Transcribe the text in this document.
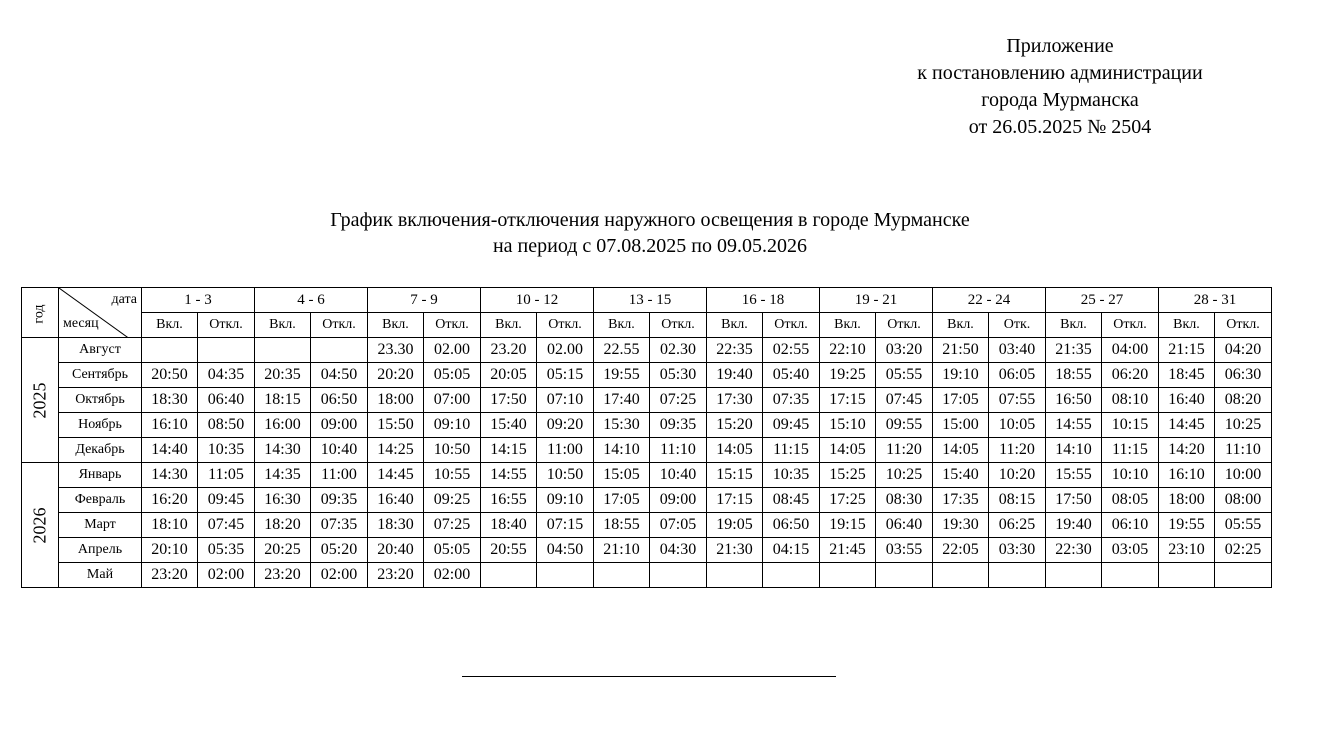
Приложение
к постановлению администрации
города Мурманска
от 26.05.2025 № 2504
График включения-отключения наружного освещения в городе Мурманске
на период с 07.08.2025 по 09.05.2026
год	дата
месяц	1 - 3		4 - 6		7 - 9		10 - 12		13 - 15		16 - 18		19 - 21		22 - 24		25 - 27		28 - 31	
		Вкл.	Откл.	Вкл.	Откл.	Вкл.	Откл.	Вкл.	Откл.	Вкл.	Откл.	Вкл.	Откл.	Вкл.	Откл.	Вкл.	Отк.	Вкл.	Откл.	Вкл.	Откл.
2025	Август					23.30	02.00	23.20	02.00	22.55	02.30	22:35	02:55	22:10	03:20	21:50	03:40	21:35	04:00	21:15	04:20
	Сентябрь	20:50	04:35	20:35	04:50	20:20	05:05	20:05	05:15	19:55	05:30	19:40	05:40	19:25	05:55	19:10	06:05	18:55	06:20	18:45	06:30
	Октябрь	18:30	06:40	18:15	06:50	18:00	07:00	17:50	07:10	17:40	07:25	17:30	07:35	17:15	07:45	17:05	07:55	16:50	08:10	16:40	08:20
	Ноябрь	16:10	08:50	16:00	09:00	15:50	09:10	15:40	09:20	15:30	09:35	15:20	09:45	15:10	09:55	15:00	10:05	14:55	10:15	14:45	10:25
	Декабрь	14:40	10:35	14:30	10:40	14:25	10:50	14:15	11:00	14:10	11:10	14:05	11:15	14:05	11:20	14:05	11:20	14:10	11:15	14:20	11:10
2026	Январь	14:30	11:05	14:35	11:00	14:45	10:55	14:55	10:50	15:05	10:40	15:15	10:35	15:25	10:25	15:40	10:20	15:55	10:10	16:10	10:00
	Февраль	16:20	09:45	16:30	09:35	16:40	09:25	16:55	09:10	17:05	09:00	17:15	08:45	17:25	08:30	17:35	08:15	17:50	08:05	18:00	08:00
	Март	18:10	07:45	18:20	07:35	18:30	07:25	18:40	07:15	18:55	07:05	19:05	06:50	19:15	06:40	19:30	06:25	19:40	06:10	19:55	05:55
	Апрель	20:10	05:35	20:25	05:20	20:40	05:05	20:55	04:50	21:10	04:30	21:30	04:15	21:45	03:55	22:05	03:30	22:30	03:05	23:10	02:25
	Май	23:20	02:00	23:20	02:00	23:20	02:00														
